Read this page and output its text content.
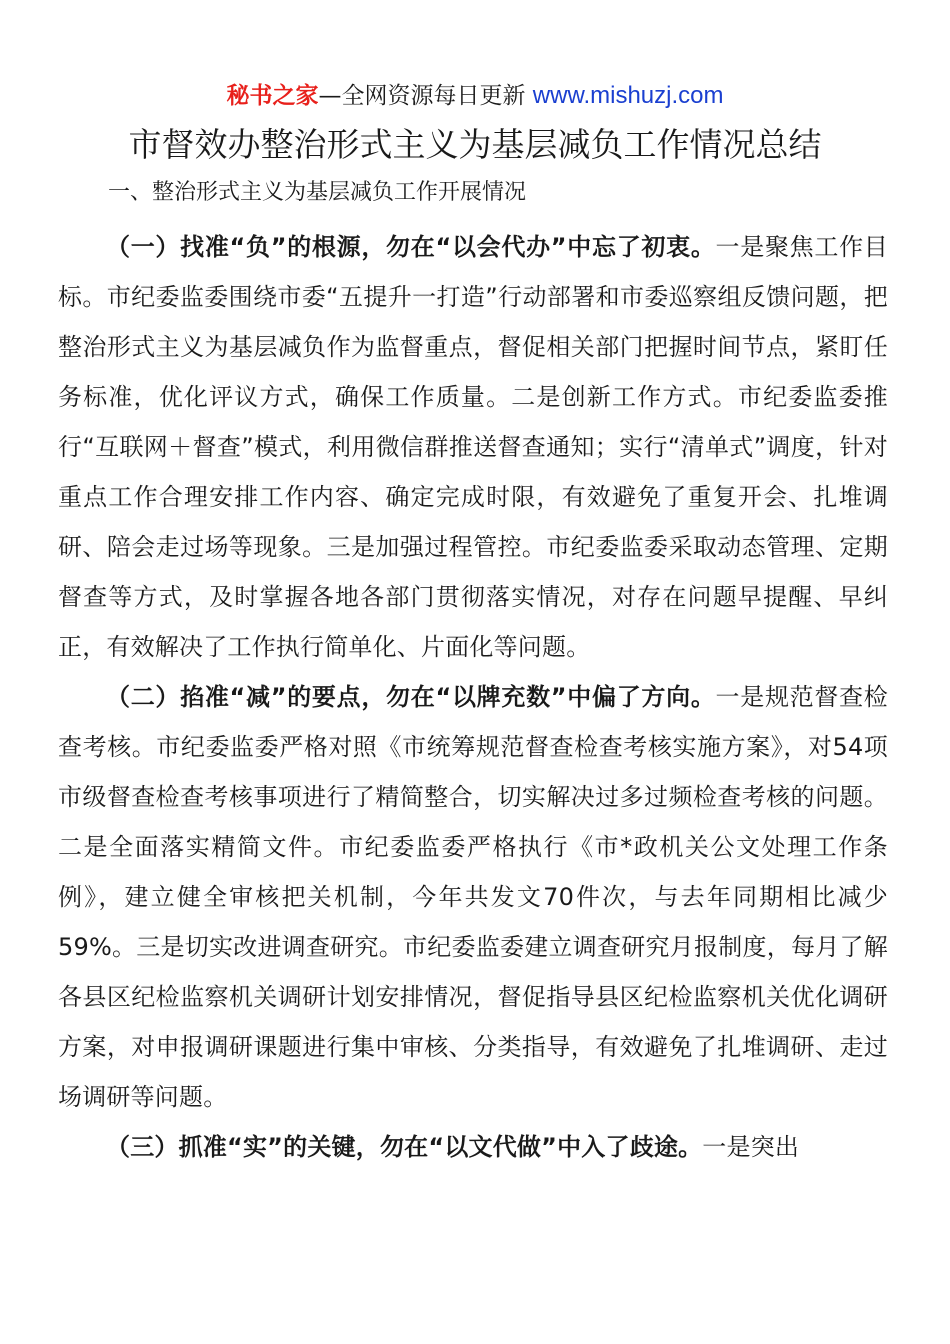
秘书之家—全网资源每日更新 www.mishuzj.com
市督效办整治形式主义为基层减负工作情况总结
一、整治形式主义为基层减负工作开展情况

（一）找准“负”的根源，勿在“以会代办”中忘了初衷。一是聚焦工作目标。市纪委监委围绕市委“五提升一打造”行动部署和市委巡察组反馈问题，把整治形式主义为基层减负作为监督重点，督促相关部门把握时间节点，紧盯任务标准，优化评议方式，确保工作质量。二是创新工作方式。市纪委监委推行“互联网＋督查”模式，利用微信群推送督查通知；实行“清单式”调度，针对重点工作合理安排工作内容、确定完成时限，有效避免了重复开会、扎堆调研、陪会走过场等现象。三是加强过程管控。市纪委监委采取动态管理、定期督查等方式，及时掌握各地各部门贯彻落实情况，对存在问题早提醒、早纠正，有效解决了工作执行简单化、片面化等问题。

（二）掐准“减”的要点，勿在“以牌充数”中偏了方向。一是规范督查检查考核。市纪委监委严格对照《市统筹规范督查检查考核实施方案》，对54项市级督查检查考核事项进行了精简整合，切实解决过多过频检查考核的问题。二是全面落实精简文件。市纪委监委严格执行《市*政机关公文处理工作条例》，建立健全审核把关机制，今年共发文70件次，与去年同期相比减少59%。三是切实改进调查研究。市纪委监委建立调查研究月报制度，每月了解各县区纪检监察机关调研计划安排情况，督促指导县区纪检监察机关优化调研方案，对申报调研课题进行集中审核、分类指导，有效避免了扎堆调研、走过场调研等问题。

（三）抓准“实”的关键，勿在“以文代做”中入了歧途。一是突出
